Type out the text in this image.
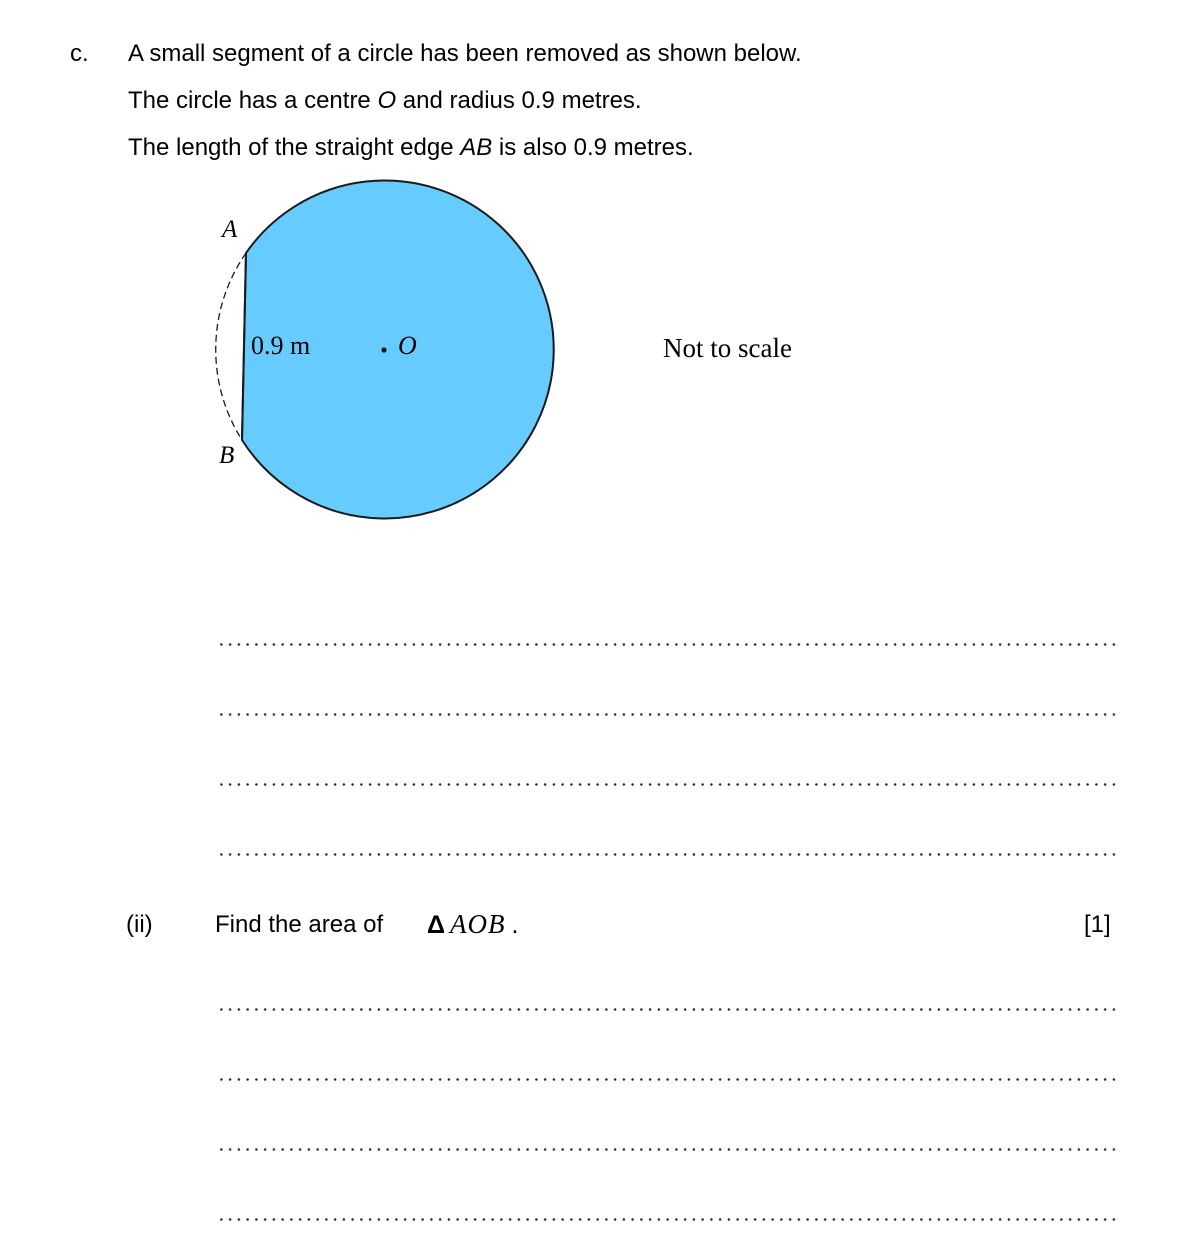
c. A small segment of a circle has been removed as shown below.
The circle has a centre O and radius 0.9 metres.
The length of the straight edge AB is also 0.9 metres.
A
B
0.9 m	O	Not to scale
(ii)	Find the area of Δ AOB .	[1]
